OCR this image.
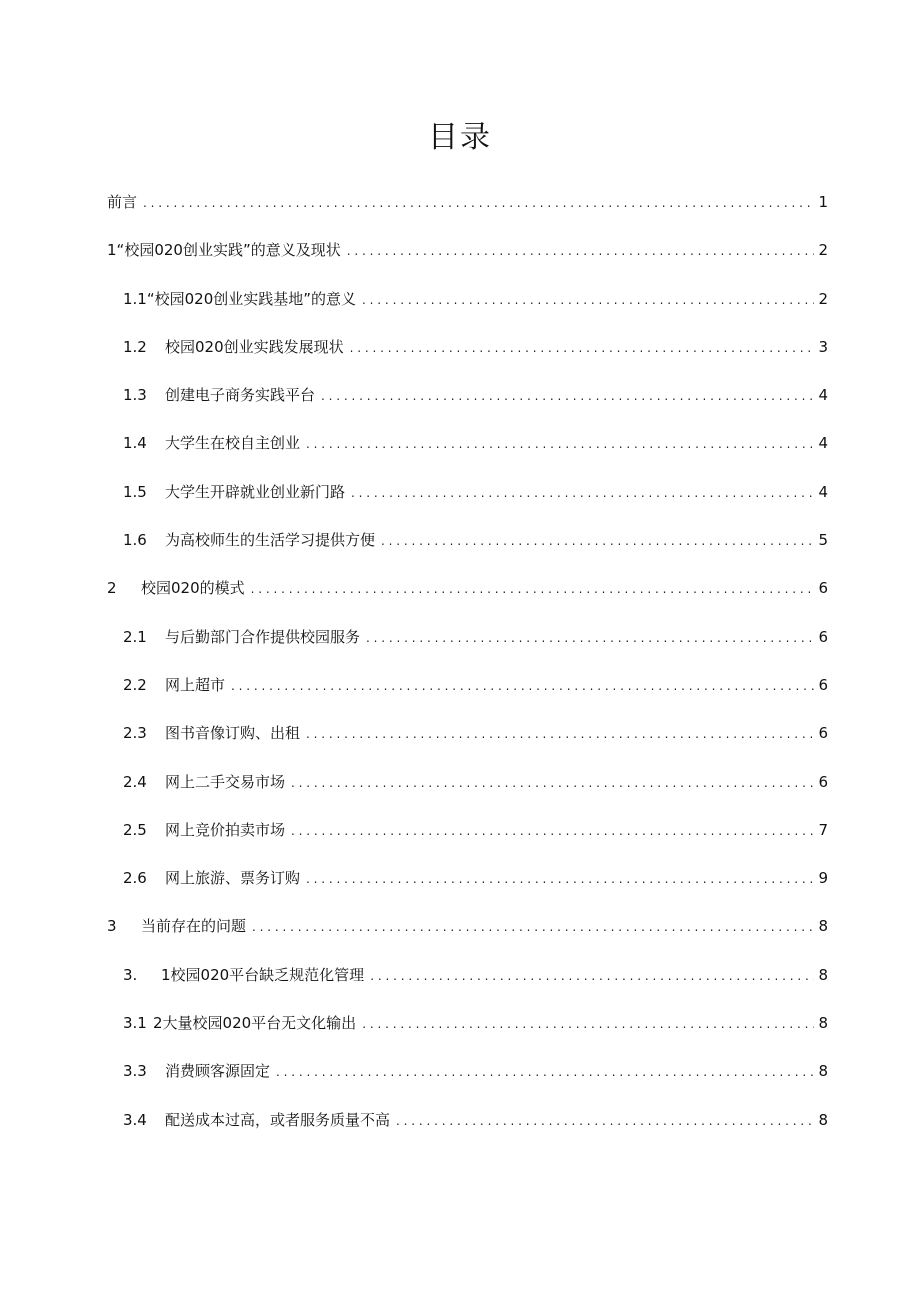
目录
前言 . . .	1
1 “校园020创业实践”的意义及现状 . . .	2
1.1 “校园020创业实践基地”的意义 . . .	2
1.2	校园020创业实践发展现状 . . .	3
1.3	创建电子商务实践平台 . . .	4
1.4	大学生在校自主创业 . . .	4
1.5	大学生开辟就业创业新门路 . . .	4
1.6	为高校师生的生活学习提供方便 . . .	5
2	校园020的模式 . . .	6
2.1	与后勤部门合作提供校园服务 . . .	6
2.2	网上超市 . . .	6
2.3	图书音像订购、出租 . . .	6
2.4	网上二手交易市场 . . .	6
2.5	网上竞价拍卖市场 . . .	7
2.6	网上旅游、票务订购 . . .	9
3	当前存在的问题 . . .	8
3.	1校园020平台缺乏规范化管理 . . .	8
3.1 2大量校园020平台无文化输出 . . .	8
3.3	消费顾客源固定 . . .	8
3.4	配送成本过高，或者服务质量不高 . . .	8
